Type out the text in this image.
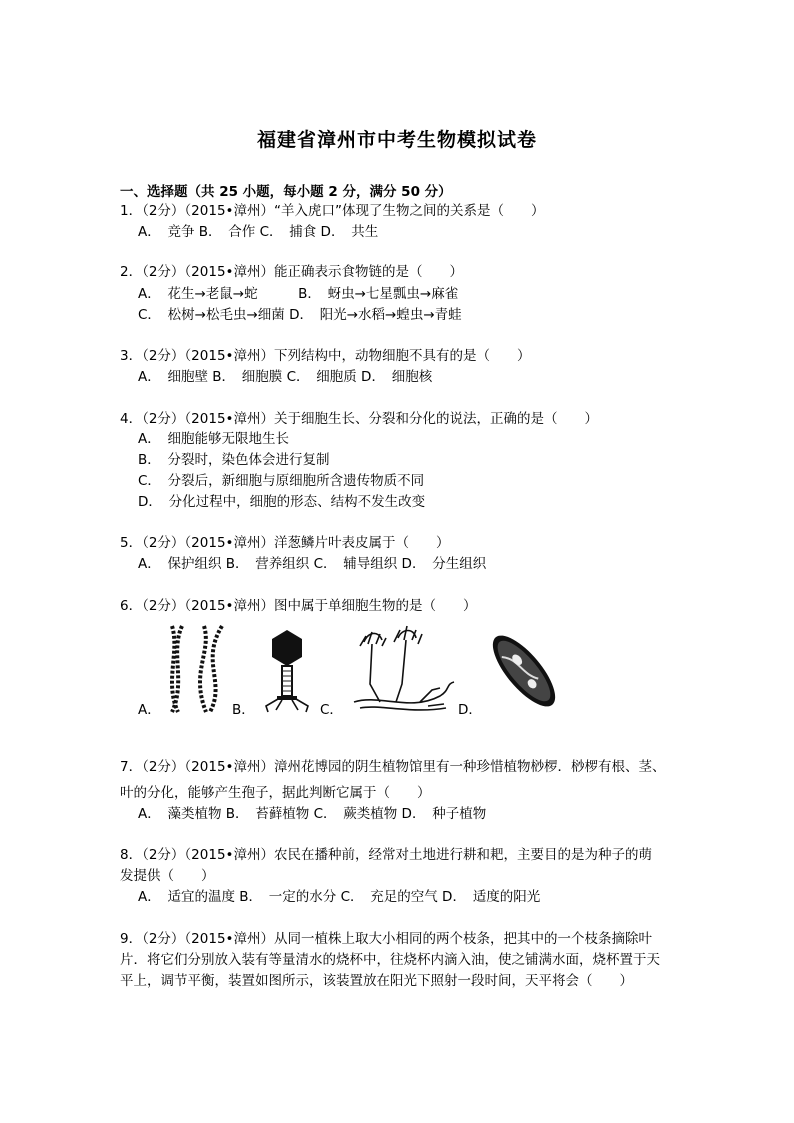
福建省漳州市中考生物模拟试卷
一、选择题（共 25 小题，每小题 2 分，满分 50 分）
1．（2分）（2015•漳州）“羊入虎口”体现了生物之间的关系是（　　）
A．　竞争 B．　合作 C．　捕食 D．　共生
2．（2分）（2015•漳州）能正确表示食物链的是（　　）
A．　花生→老鼠→蛇　　　B．　蚜虫→七星瓢虫→麻雀
C．　松树→松毛虫→细菌 D．　阳光→水稻→蝗虫→青蛙
3．（2分）（2015•漳州）下列结构中，动物细胞不具有的是（　　）
A．　细胞壁 B．　细胞膜 C．　细胞质 D．　细胞核
4．（2分）（2015•漳州）关于细胞生长、分裂和分化的说法，正确的是（　　）
A．　细胞能够无限地生长
B．　分裂时，染色体会进行复制
C．　分裂后，新细胞与原细胞所含遗传物质不同
D．　分化过程中，细胞的形态、结构不发生改变
5．（2分）（2015•漳州）洋葱鳞片叶表皮属于（　　）
A．　保护组织 B．　营养组织 C．　辅导组织 D．　分生组织
6．（2分）（2015•漳州）图中属于单细胞生物的是（　　）
A．	B．	C．	D．
7．（2分）（2015•漳州）漳州花博园的阴生植物馆里有一种珍惜植物桫椤．桫椤有根、茎、
叶的分化，能够产生孢子，据此判断它属于（　　）
A．　藻类植物 B．　苔藓植物 C．　蕨类植物 D．　种子植物
8．（2分）（2015•漳州）农民在播种前，经常对土地进行耕和耙，主要目的是为种子的萌
发提供（　　）
A．　适宜的温度 B．　一定的水分 C．　充足的空气 D．　适度的阳光
9．（2分）（2015•漳州）从同一植株上取大小相同的两个枝条，把其中的一个枝条摘除叶
片．将它们分别放入装有等量清水的烧杯中，往烧杯内滴入油，使之铺满水面，烧杯置于天
平上，调节平衡，装置如图所示，该装置放在阳光下照射一段时间，天平将会（　　）
